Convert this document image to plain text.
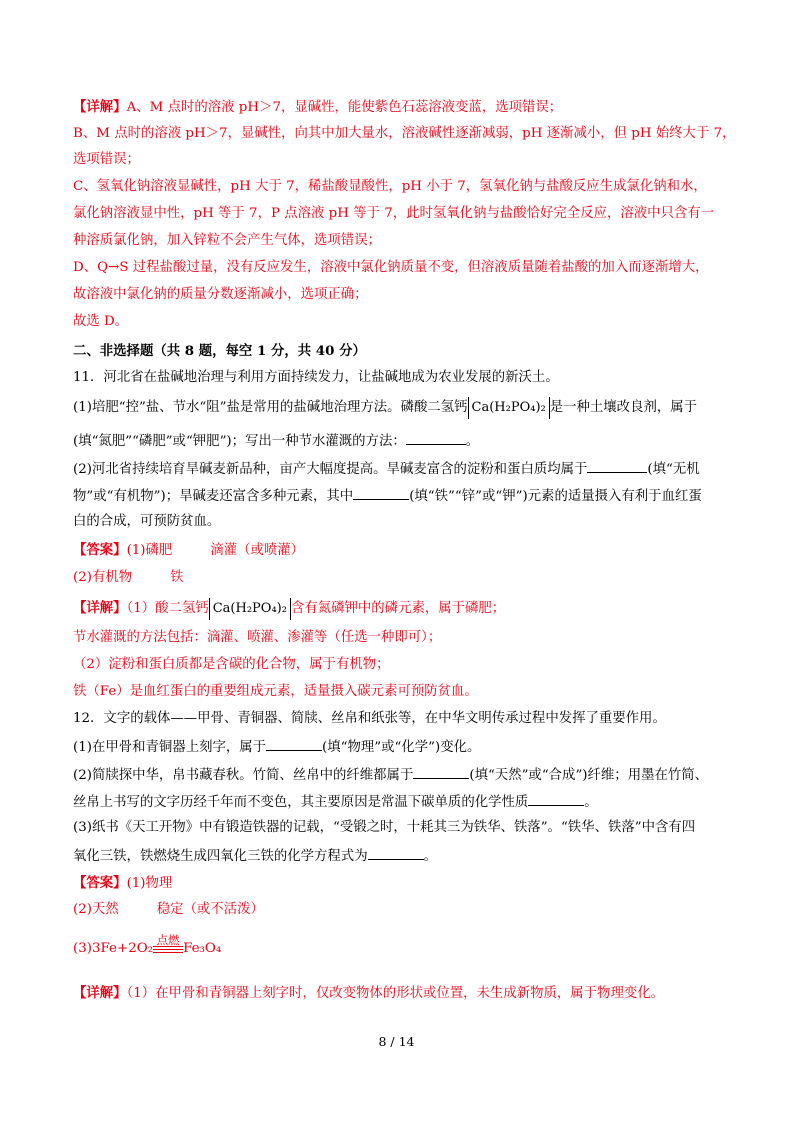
【详解】A、M 点时的溶液 pH＞7，显碱性，能使紫色石蕊溶液变蓝，选项错误；
B、M 点时的溶液 pH＞7，显碱性，向其中加大量水，溶液碱性逐渐减弱，pH 逐渐减小，但 pH 始终大于 7，
选项错误；
C、氢氧化钠溶液显碱性，pH 大于 7，稀盐酸显酸性，pH 小于 7，氢氧化钠与盐酸反应生成氯化钠和水，
氯化钠溶液显中性，pH 等于 7，P 点溶液 pH 等于 7，此时氢氧化钠与盐酸恰好完全反应，溶液中只含有一
种溶质氯化钠，加入锌粒不会产生气体，选项错误；
D、Q→S 过程盐酸过量，没有反应发生，溶液中氯化钠质量不变，但溶液质量随着盐酸的加入而逐渐增大，
故溶液中氯化钠的质量分数逐渐减小，选项正确；
故选 D。
二、非选择题（共 8 题，每空 1 分，共 40 分）
11．河北省在盐碱地治理与利用方面持续发力，让盐碱地成为农业发展的新沃土。
(1)培肥“控”盐、节水“阻”盐是常用的盐碱地治理方法。磷酸二氢钙 Ca(H₂PO₄)₂ 是一种土壤改良剂，属于
(填“氮肥”“磷肥”或“钾肥”)；写出一种节水灌溉的方法：	。
(2)河北省持续培育旱碱麦新品种，亩产大幅度提高。旱碱麦富含的淀粉和蛋白质均属于	(填“无机
物”或“有机物”)；旱碱麦还富含多种元素，其中	(填“铁”“锌”或“钾”)元素的适量摄入有利于血红蛋
白的合成，可预防贫血。
【答案】(1)磷肥	滴灌（或喷灌）
(2)有机物	铁
【详解】（1）酸二氢钙 Ca(H₂PO₄)₂ 含有氮磷钾中的磷元素，属于磷肥；
节水灌溉的方法包括：滴灌、喷灌、渗灌等（任选一种即可）；
（2）淀粉和蛋白质都是含碳的化合物，属于有机物；
铁（Fe）是血红蛋白的重要组成元素，适量摄入碳元素可预防贫血。
12．文字的载体——甲骨、青铜器、简牍、丝帛和纸张等，在中华文明传承过程中发挥了重要作用。
(1)在甲骨和青铜器上刻字，属于	(填“物理”或“化学”)变化。
(2)简牍探中华，帛书藏春秋。竹简、丝帛中的纤维都属于	(填“天然”或“合成”)纤维；用墨在竹简、
丝帛上书写的文字历经千年而不变色，其主要原因是常温下碳单质的化学性质	。
(3)纸书《天工开物》中有锻造铁器的记载，“受锻之时，十耗其三为铁华、铁落”。“铁华、铁落”中含有四
氧化三铁，铁燃烧生成四氧化三铁的化学方程式为	。
【答案】(1)物理
(2)天然	稳定（或不活泼）
(3)3Fe+2O₂
点燃
Fe₃O₄
【详解】（1）在甲骨和青铜器上刻字时，仅改变物体的形状或位置，未生成新物质，属于物理变化。
8 / 14
